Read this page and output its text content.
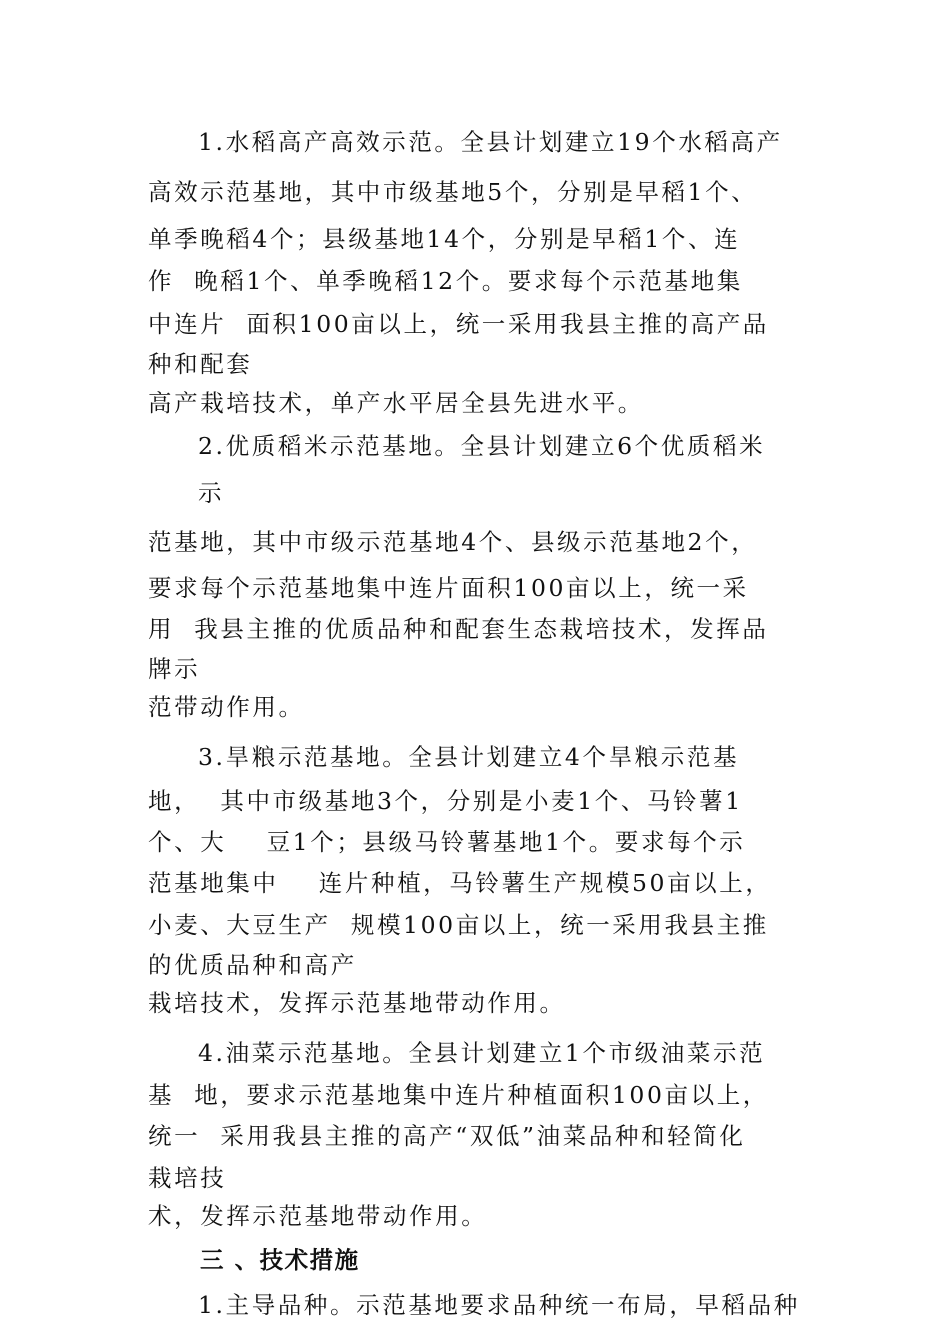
1.水稻高产高效示范。全县计划建立19个水稻高产
高效示范基地，其中市级基地5个，分别是早稻1个、
单季晚稻4个；县级基地14个，分别是早稻1个、连
作  晚稻1个、单季晚稻12个。要求每个示范基地集
中连片  面积100亩以上，统一采用我县主推的高产品
种和配套
高产栽培技术，单产水平居全县先进水平。
2.优质稻米示范基地。全县计划建立6个优质稻米
示
范基地，其中市级示范基地4个、县级示范基地2个，
要求每个示范基地集中连片面积100亩以上，统一采
用  我县主推的优质品种和配套生态栽培技术，发挥品
牌示
范带动作用。
3.旱粮示范基地。全县计划建立4个旱粮示范基
地，  其中市级基地3个，分别是小麦1个、马铃薯1
个、大    豆1个；县级马铃薯基地1个。要求每个示
范基地集中    连片种植，马铃薯生产规模50亩以上，
小麦、大豆生产  规模100亩以上，统一采用我县主推
的优质品种和高产
栽培技术，发挥示范基地带动作用。
4.油菜示范基地。全县计划建立1个市级油菜示范
基  地，要求示范基地集中连片种植面积100亩以上，
统一  采用我县主推的高产“双低”油菜品种和轻简化
栽培技
术，发挥示范基地带动作用。
三 、技术措施
1.主导品种。示范基地要求品种统一布局，早稻品种
